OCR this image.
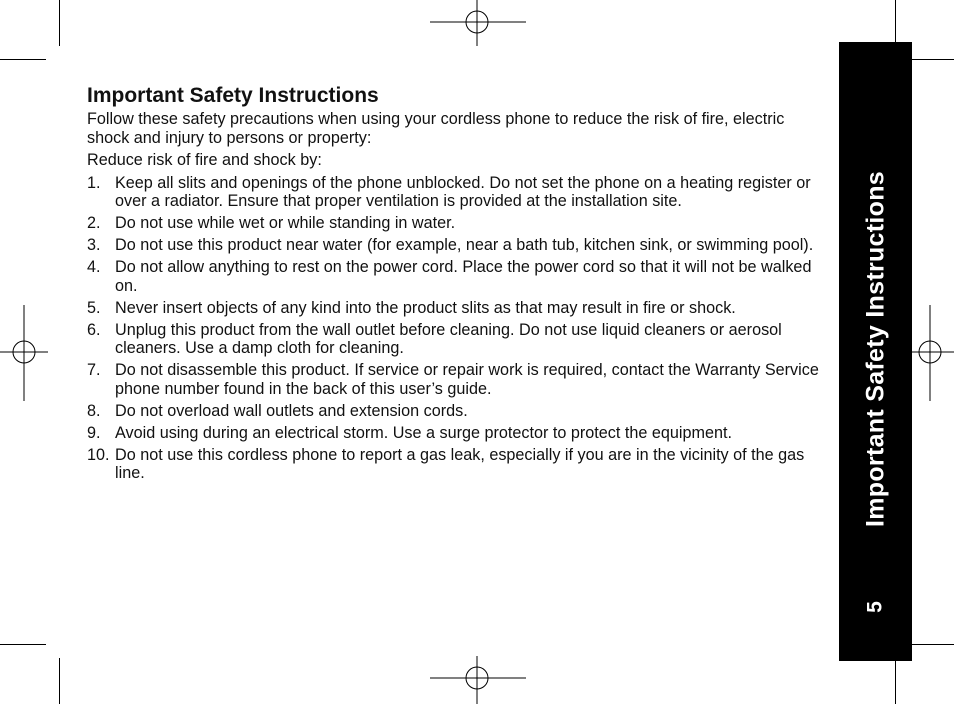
Important Safety Instructions

Follow these safety precautions when using your cordless phone to reduce the risk of fire, electric shock and injury to persons or property:

Reduce risk of fire and shock by:

1. Keep all slits and openings of the phone unblocked. Do not set the phone on a heating register or over a radiator. Ensure that proper ventilation is provided at the installation site.
2. Do not use while wet or while standing in water.
3. Do not use this product near water (for example, near a bath tub, kitchen sink, or swimming pool).
4. Do not allow anything to rest on the power cord. Place the power cord so that it will not be walked on.
5. Never insert objects of any kind into the product slits as that may result in fire or shock.
6. Unplug this product from the wall outlet before cleaning. Do not use liquid cleaners or aerosol cleaners. Use a damp cloth for cleaning.
7. Do not disassemble this product. If service or repair work is required, contact the Warranty Service phone number found in the back of this user’s guide.
8. Do not overload wall outlets and extension cords.
9. Avoid using during an electrical storm. Use a surge protector to protect the equipment.
10. Do not use this cordless phone to report a gas leak, especially if you are in the vicinity of the gas line.	Important Safety Instructions
5
